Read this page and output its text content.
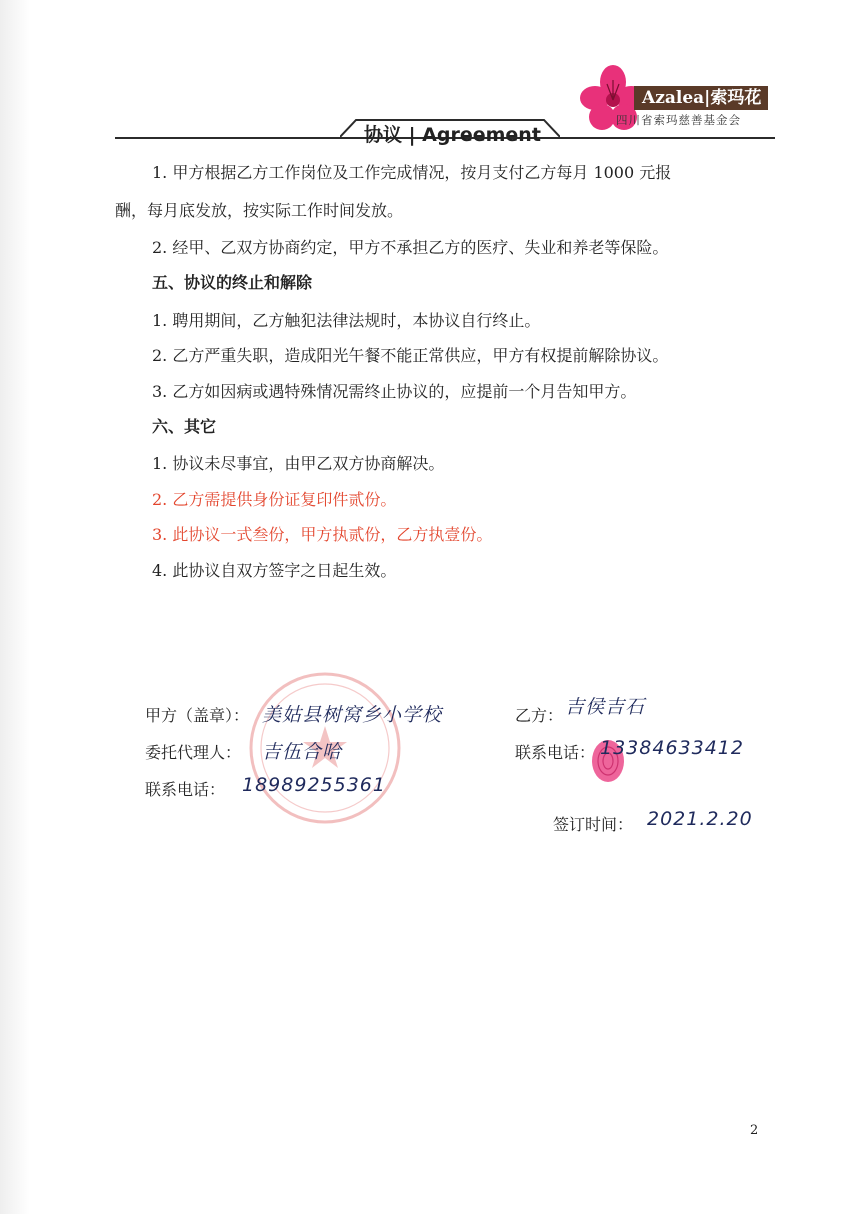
Azalea|索玛花
四川省索玛慈善基金会
协议 | Agreement
1. 甲方根据乙方工作岗位及工作完成情况，按月支付乙方每月 1000 元报
酬，每月底发放，按实际工作时间发放。
2. 经甲、乙双方协商约定，甲方不承担乙方的医疗、失业和养老等保险。
五、协议的终止和解除
1. 聘用期间，乙方触犯法律法规时，本协议自行终止。
2. 乙方严重失职，造成阳光午餐不能正常供应，甲方有权提前解除协议。
3. 乙方如因病或遇特殊情况需终止协议的，应提前一个月告知甲方。
六、其它
1. 协议未尽事宜，由甲乙双方协商解决。
2. 乙方需提供身份证复印件贰份。
3. 此协议一式叁份，甲方执贰份，乙方执壹份。
4. 此协议自双方签字之日起生效。
甲方（盖章）： 美姑县树窝乡小学校
委托代理人： 吉伍合哈
联系电话： 18989255361
乙方： 吉侯吉石
联系电话： 13384633412
签订时间： 2021.2.20
2
